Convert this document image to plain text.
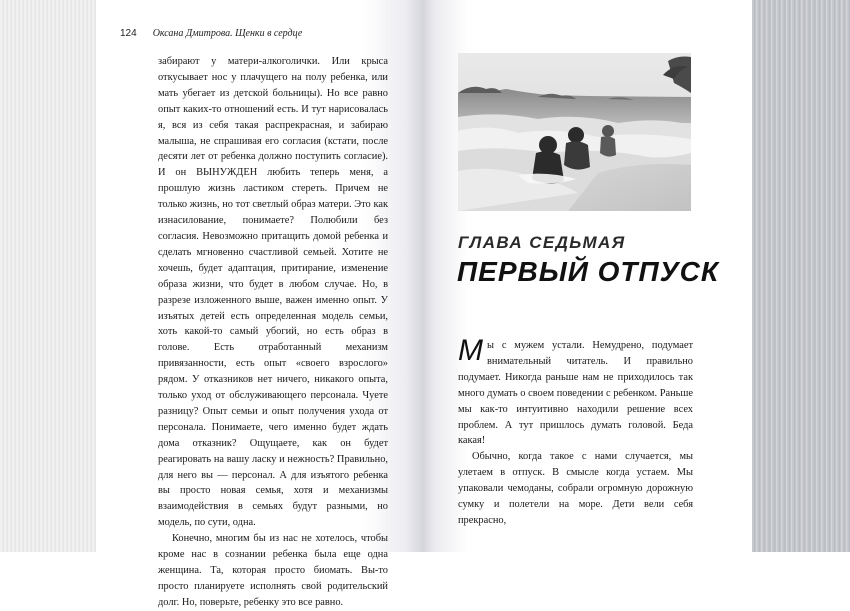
124 Оксана Дмитрова. Щенки в сердце

забирают у матери-алкоголички. Или крыса откусывает нос у плачущего на полу ребенка, или мать убегает из детской больницы). Но все равно опыт каких-то отношений есть. И тут нарисовалась я, вся из себя такая распрекрасная, и забираю малыша, не спрашивая его согласия (кстати, после десяти лет от ребенка должно поступить согласие). И он ВЫНУЖДЕН любить теперь меня, а прошлую жизнь ластиком стереть. Причем не только жизнь, но тот светлый образ матери. Это как изнасилование, понимаете? Полюбили без согласия. Невозможно притащить домой ребенка и сделать мгновенно счастливой семьей. Хотите не хочешь, будет адаптация, притирание, изменение образа жизни, что будет в любом случае. Но, в разрезе изложенного выше, важен именно опыт. У изъятых детей есть определенная модель семьи, хоть какой-то самый убогий, но есть образ в голове. Есть отработанный механизм привязанности, есть опыт «своего взрослого» рядом. У отказников нет ничего, никакого опыта, только уход от обслуживающего персонала. Чуете разницу? Опыт семьи и опыт получения ухода от персонала. Понимаете, чего именно будет ждать дома отказник? Ощущаете, как он будет реагировать на вашу ласку и нежность? Правильно, для него вы — персонал. А для изъятого ребенка вы просто новая семья, хотя и механизмы взаимодействия в семьях будут разными, но модель, по сути, одна.

Конечно, многим бы из нас не хотелось, чтобы кроме нас в сознании ребенка была еще одна женщина. Та, которая просто биомать. Вы-то просто планируете исполнять свой родительский долг. Но, поверьте, ребенку это все равно.

ГЛАВА СЕДЬМАЯ
ПЕРВЫЙ ОТПУСК

Мы с мужем устали. Немудрено, подумает внимательный читатель. И правильно подумает. Никогда раньше нам не приходилось так много думать о своем поведении с ребенком. Раньше мы как-то интуитивно находили решение всех проблем. А тут пришлось думать головой. Беда какая!

Обычно, когда такое с нами случается, мы улетаем в отпуск. В смысле когда устаем. Мы упаковали чемоданы, собрали огромную дорожную сумку и полетели на море. Дети вели себя прекрасно,
